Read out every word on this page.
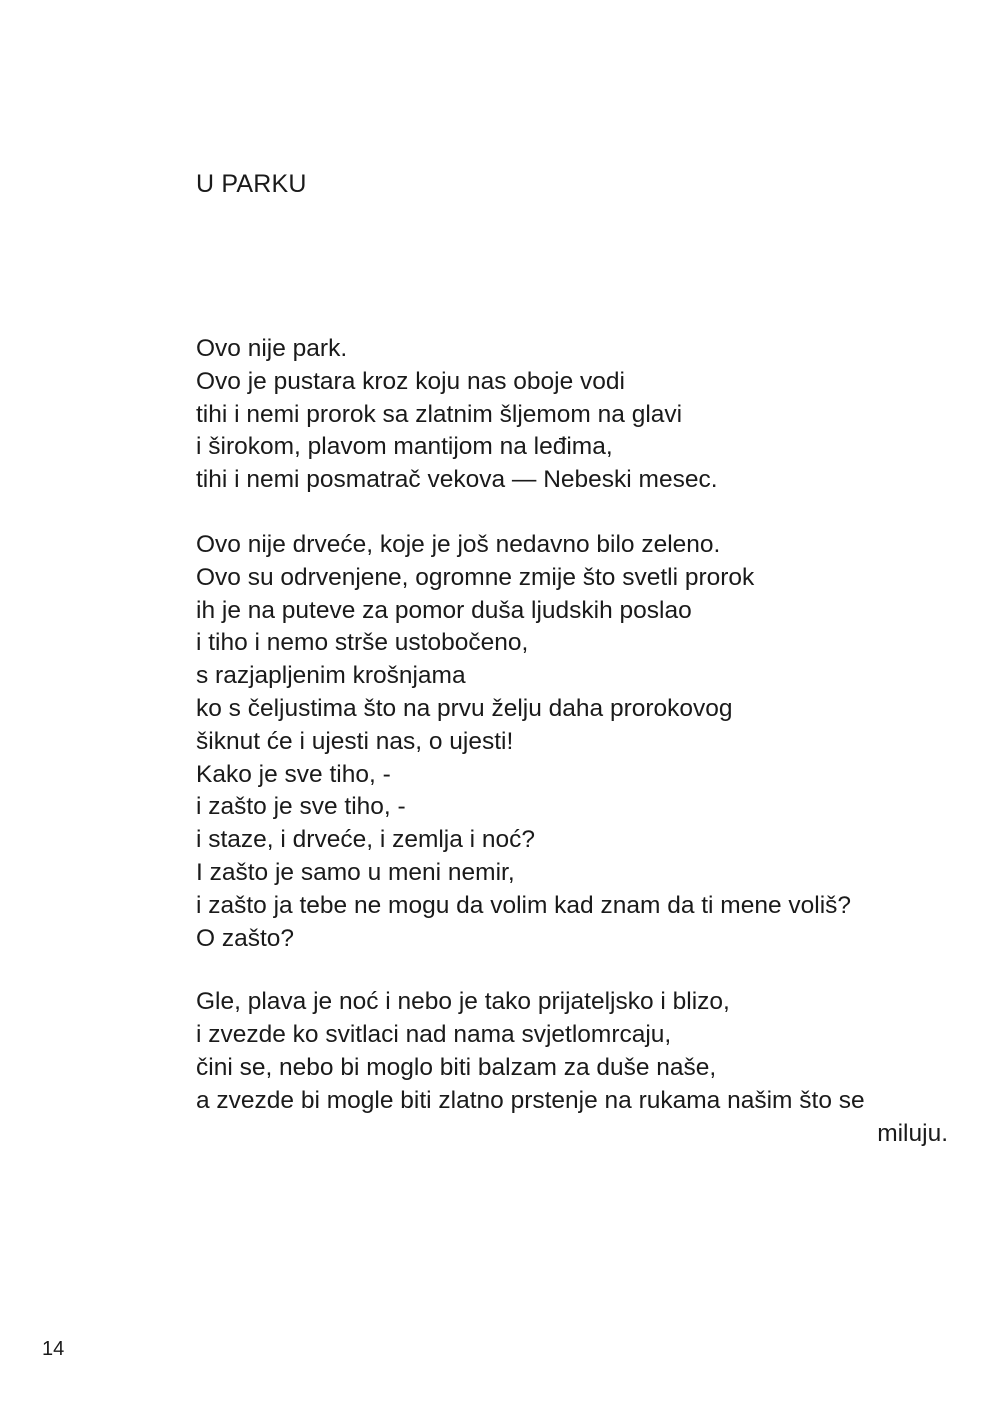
U PARKU

Ovo nije park.
Ovo je pustara kroz koju nas oboje vodi
tihi i nemi prorok sa zlatnim šljemom na glavi
i širokom, plavom mantijom na leđima,
tihi i nemi posmatrač vekova — Nebeski mesec.

Ovo nije drveće, koje je još nedavno bilo zeleno.
Ovo su odrvenjene, ogromne zmije što svetli prorok
ih je na puteve za pomor duša ljudskih poslao
i tiho i nemo strše ustobočeno,
s razjapljenim krošnjama
ko s čeljustima što na prvu želju daha prorokovog
šiknut će i ujesti nas, o ujesti!
Kako je sve tiho, -
i zašto je sve tiho, -
i staze, i drveće, i zemlja i noć?
I zašto je samo u meni nemir,
i zašto ja tebe ne mogu da volim kad znam da ti mene voliš?
O zašto?

Gle, plava je noć i nebo je tako prijateljsko i blizo,
i zvezde ko svitlaci nad nama svjetlomrcaju,
čini se, nebo bi moglo biti balzam za duše naše,
a zvezde bi mogle biti zlatno prstenje na rukama našim što se
miluju.

14
